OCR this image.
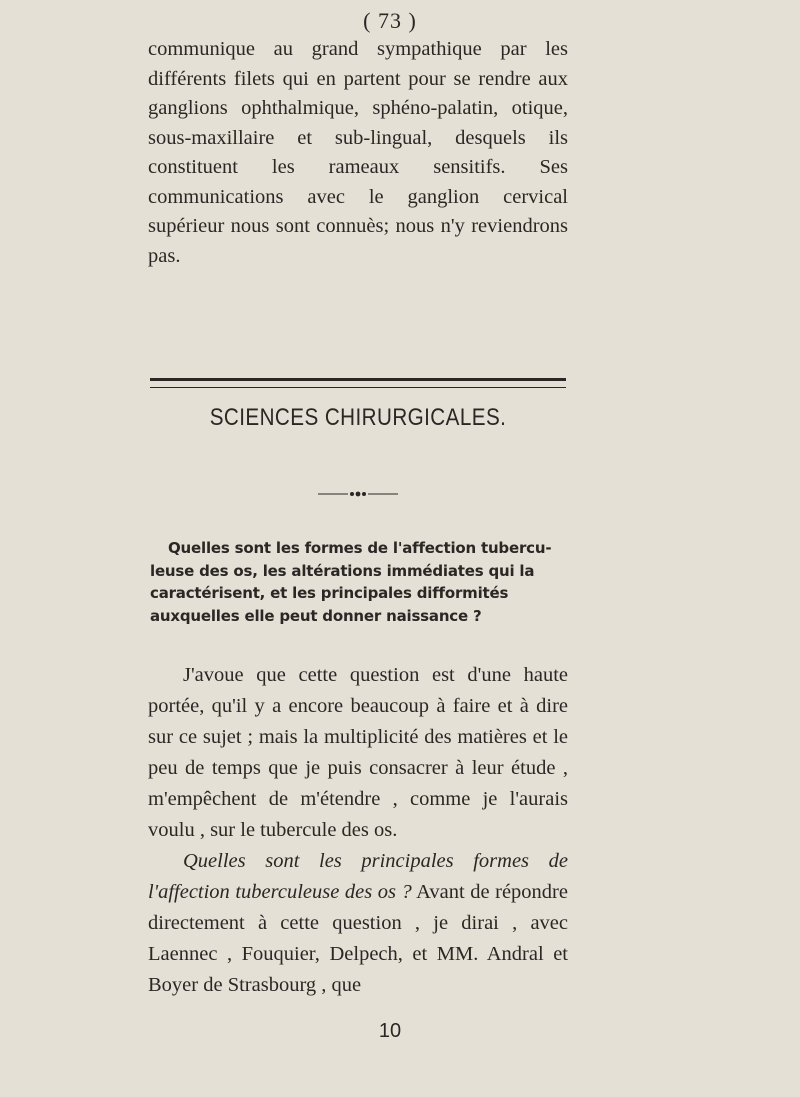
( 73 )

communique au grand sympathique par les différents filets qui en partent pour se rendre aux ganglions ophthalmique, sphéno-palatin, otique, sous-maxillaire et sub-lingual, desquels ils constituent les rameaux sensitifs. Ses communications avec le ganglion cervical supérieur nous sont connuès; nous n'y reviendrons pas.

SCIENCES CHIRURGICALES.

Quelles sont les formes de l'affection tubercu-leuse des os, les altérations immédiates qui la caractérisent, et les principales difformités auxquelles elle peut donner naissance ?

J'avoue que cette question est d'une haute portée, qu'il y a encore beaucoup à faire et à dire sur ce sujet ; mais la multiplicité des matières et le peu de temps que je puis consacrer à leur étude , m'empêchent de m'étendre , comme je l'aurais voulu , sur le tubercule des os.

Quelles sont les principales formes de l'affection tuberculeuse des os ? Avant de répondre directement à cette question , je dirai , avec Laennec , Fouquier, Delpech, et MM. Andral et Boyer de Strasbourg , que

10
